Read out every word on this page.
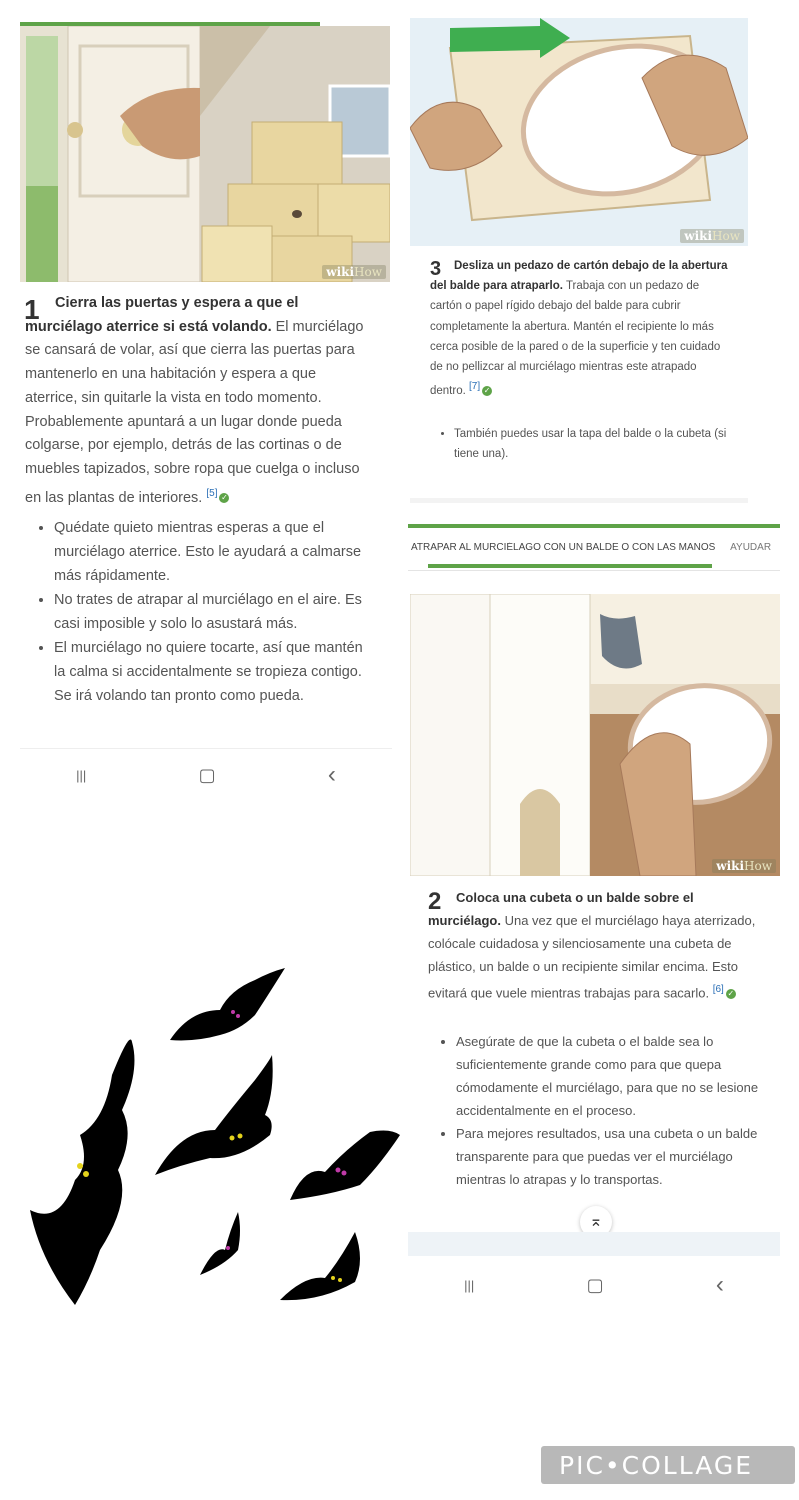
wikiHow
1	Cierra las puertas y espera a que el murciélago aterrice si está volando. El murciélago se cansará de volar, así que cierra las puertas para mantenerlo en una habitación y espera a que aterrice, sin quitarle la vista en todo momento. Probablemente apuntará a un lugar donde pueda colgarse, por ejemplo, detrás de las cortinas o de muebles tapizados, sobre ropa que cuelga o incluso en las plantas de interiores. [5] ✓
• Quédate quieto mientras esperas a que el murciélago aterrice. Esto le ayudará a calmarse más rápidamente.
• No trates de atrapar al murciélago en el aire. Es casi imposible y solo lo asustará más.
• El murciélago no quiere tocarte, así que mantén la calma si accidentalmente se tropieza contigo. Se irá volando tan pronto como pueda.
|||	▢	‹
wikiHow
3	Desliza un pedazo de cartón debajo de la abertura del balde para atraparlo. Trabaja con un pedazo de cartón o papel rígido debajo del balde para cubrir completamente la abertura. Mantén el recipiente lo más cerca posible de la pared o de la superficie y ten cuidado de no pellizcar al murciélago mientras este atrapado dentro. [7] ✓
• También puedes usar la tapa del balde o la cubeta (si tiene una).
ATRAPAR AL MURCIÉLAGO CON UN BALDE O CON LAS MANOS AYUDAR
wikiHow
2	Coloca una cubeta o un balde sobre el murciélago. Una vez que el murciélago haya aterrizado, colócale cuidadosa y silenciosamente una cubeta de plástico, un balde o un recipiente similar encima. Esto evitará que vuele mientras trabajas para sacarlo. [6] ✓
• Asegúrate de que la cubeta o el balde sea lo suficientemente grande como para que quepa cómodamente el murciélago, para que no se lesione accidentalmente en el proceso.
• Para mejores resultados, usa una cubeta o un balde transparente para que puedas ver el murciélago mientras lo atrapas y lo transportas.
⌅
|||	▢	‹
PIC•COLLAGE
